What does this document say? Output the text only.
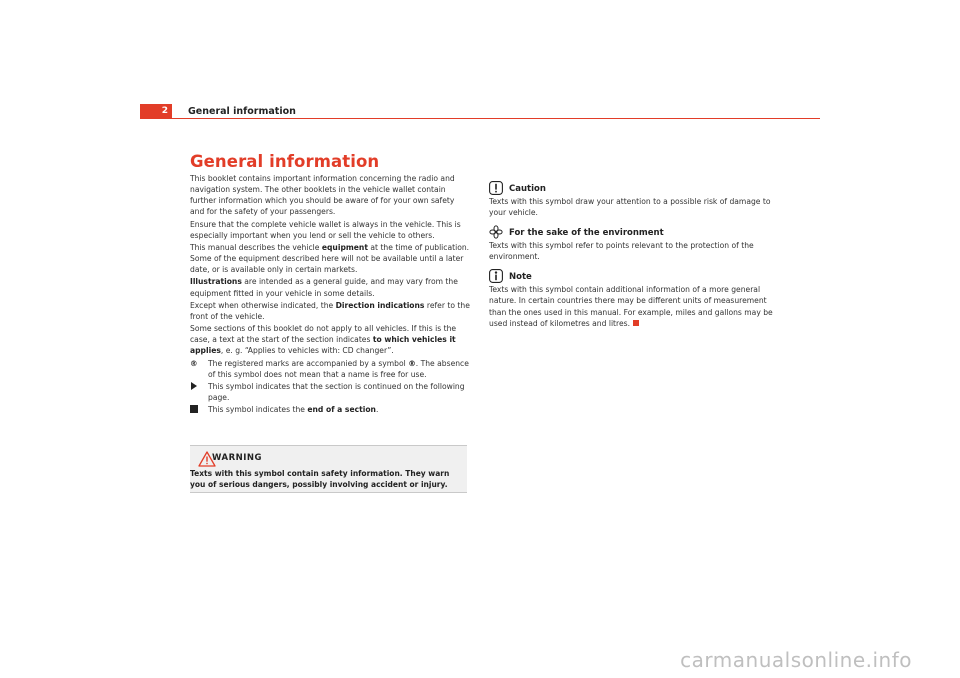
2	General information
General information

This booklet contains important information concerning the radio and navigation system. The other booklets in the vehicle wallet contain further information which you should be aware of for your own safety and for the safety of your passengers.

Ensure that the complete vehicle wallet is always in the vehicle. This is especially important when you lend or sell the vehicle to others.

This manual describes the vehicle equipment at the time of publication. Some of the equipment described here will not be available until a later date, or is available only in certain markets.

Illustrations are intended as a general guide, and may vary from the equipment fitted in your vehicle in some details.

Except when otherwise indicated, the Direction indications refer to the front of the vehicle.

Some sections of this booklet do not apply to all vehicles. If this is the case, a text at the start of the section indicates to which vehicles it applies, e. g. “Applies to vehicles with: CD changer”.

®	The registered marks are accompanied by a symbol ®. The absence of this symbol does not mean that a name is free for use.
This symbol indicates that the section is continued on the following page.
This symbol indicates the end of a section.
WARNING
Texts with this symbol contain safety information. They warn you of serious dangers, possibly involving accident or injury.
Caution

Texts with this symbol draw your attention to a possible risk of damage to your vehicle.

For the sake of the environment

Texts with this symbol refer to points relevant to the protection of the environment.

Note

Texts with this symbol contain additional information of a more general nature. In certain countries there may be different units of measurement than the ones used in this manual. For example, miles and gallons may be used instead of kilometres and litres.

carmanualsonline.info
